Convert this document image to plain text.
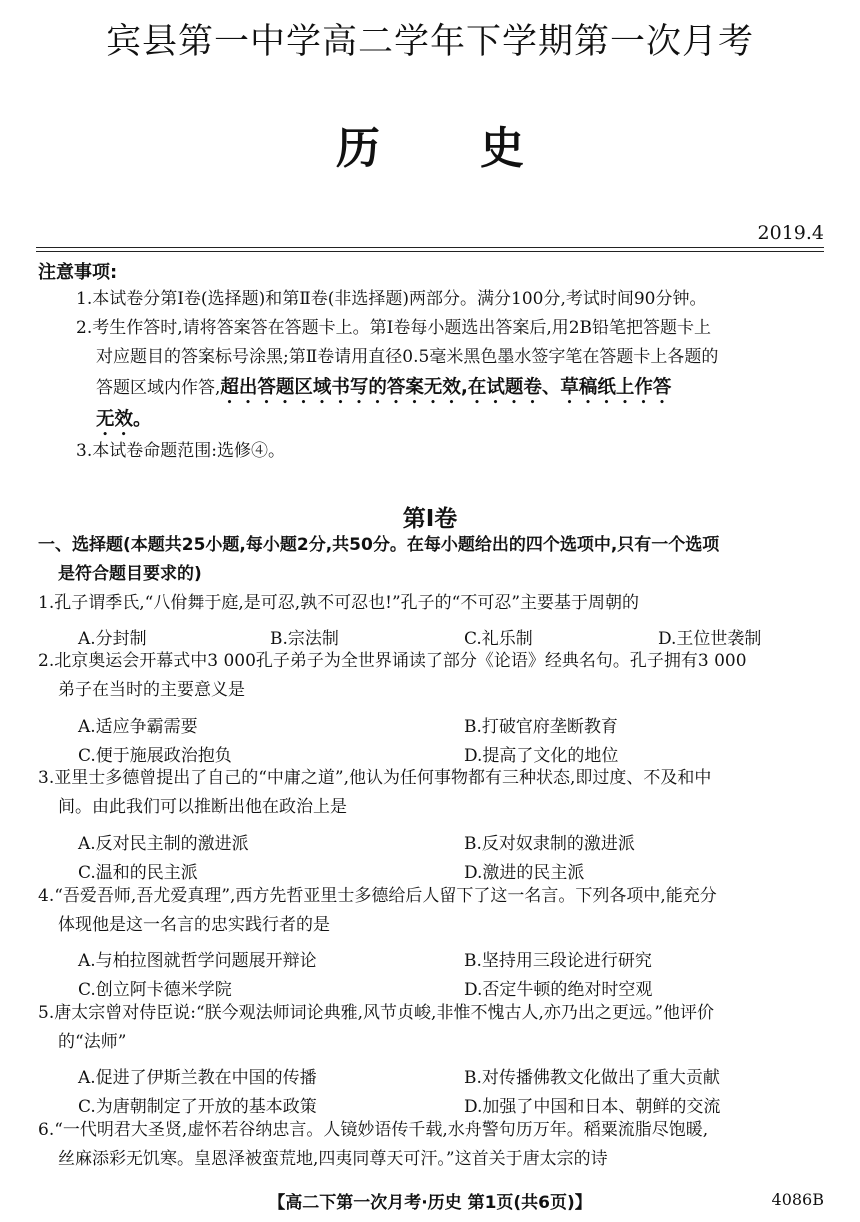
宾县第一中学高二学年下学期第一次月考
历史
2019.4
注意事项:
1.本试卷分第Ⅰ卷(选择题)和第Ⅱ卷(非选择题)两部分。满分100分,考试时间90分钟。
2.考生作答时,请将答案答在答题卡上。第Ⅰ卷每小题选出答案后,用2B铅笔把答题卡上
对应题目的答案标号涂黑;第Ⅱ卷请用直径0.5毫米黑色墨水签字笔在答题卡上各题的
答题区域内作答,超出答题区域书写的答案无效,在试题卷、草稿纸上作答
无效。
3.本试卷命题范围:选修④。
第Ⅰ卷
一、选择题(本题共25小题,每小题2分,共50分。在每小题给出的四个选项中,只有一个选项
是符合题目要求的)
1.孔子谓季氏,“八佾舞于庭,是可忍,孰不可忍也!”孔子的“不可忍”主要基于周朝的
A.分封制	B.宗法制	C.礼乐制	D.王位世袭制
2.北京奥运会开幕式中3 000孔子弟子为全世界诵读了部分《论语》经典名句。孔子拥有3 000
弟子在当时的主要意义是
A.适应争霸需要	B.打破官府垄断教育
C.便于施展政治抱负	D.提高了文化的地位
3.亚里士多德曾提出了自己的“中庸之道”,他认为任何事物都有三种状态,即过度、不及和中
间。由此我们可以推断出他在政治上是
A.反对民主制的激进派	B.反对奴隶制的激进派
C.温和的民主派	D.激进的民主派
4.“吾爱吾师,吾尤爱真理”,西方先哲亚里士多德给后人留下了这一名言。下列各项中,能充分
体现他是这一名言的忠实践行者的是
A.与柏拉图就哲学问题展开辩论	B.坚持用三段论进行研究
C.创立阿卡德米学院	D.否定牛顿的绝对时空观
5.唐太宗曾对侍臣说:“朕今观法师词论典雅,风节贞峻,非惟不愧古人,亦乃出之更远。”他评价
的“法师”
A.促进了伊斯兰教在中国的传播	B.对传播佛教文化做出了重大贡献
C.为唐朝制定了开放的基本政策	D.加强了中国和日本、朝鲜的交流
6.“一代明君大圣贤,虚怀若谷纳忠言。人镜妙语传千载,水舟警句历万年。稻粟流脂尽饱暖,
丝麻添彩无饥寒。皇恩泽被蛮荒地,四夷同尊天可汗。”这首关于唐太宗的诗
【高二下第一次月考·历史 第1页(共6页)】	4086B
